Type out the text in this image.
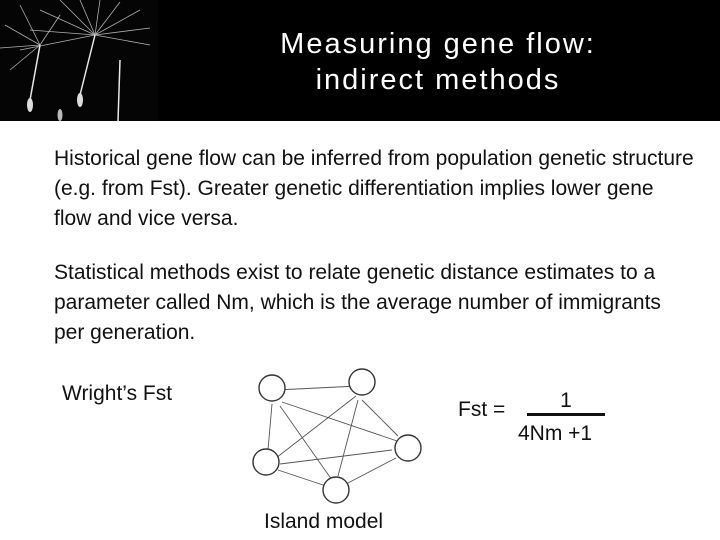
Measuring gene flow:
indirect methods
Historical gene flow can be inferred from population genetic structure (e.g. from Fst). Greater genetic differentiation implies lower gene flow and vice versa.
Statistical methods exist to relate genetic distance estimates to a parameter called Nm, which is the average number of immigrants per generation.
Wright’s Fst
Island model
Fst =	1
4Nm +1
